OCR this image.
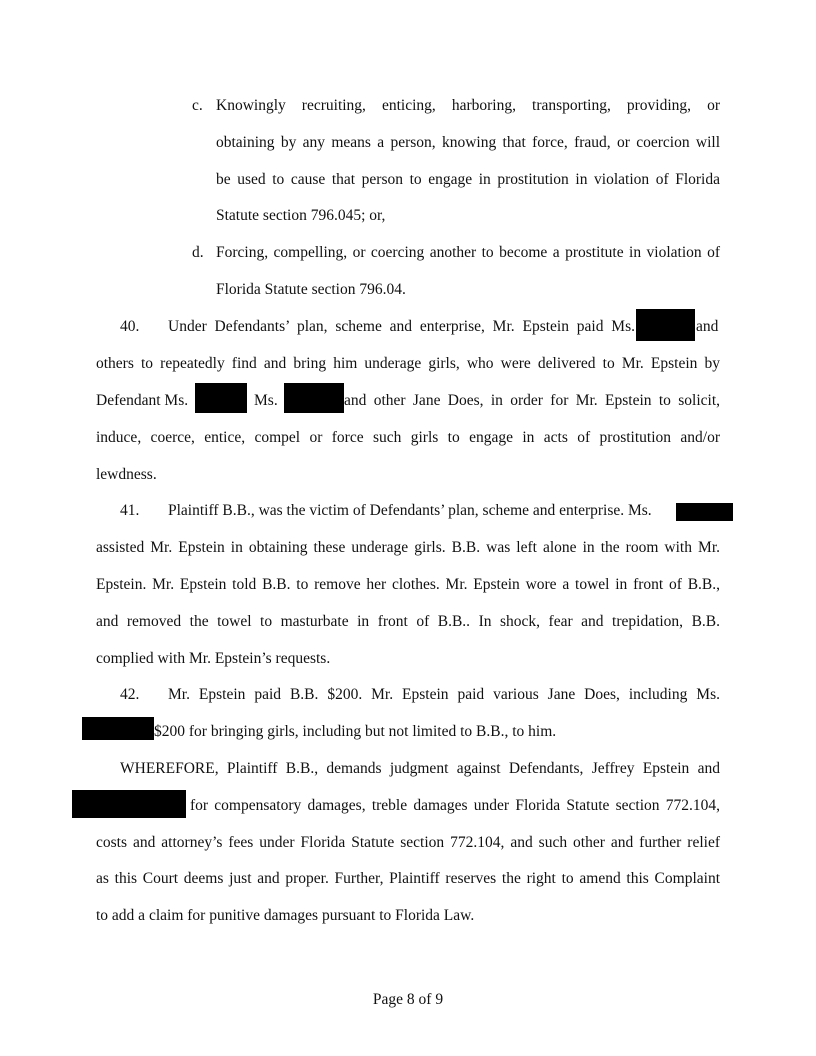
c. Knowingly recruiting, enticing, harboring, transporting, providing, or
obtaining by any means a person, knowing that force, fraud, or coercion will
be used to cause that person to engage in prostitution in violation of Florida
Statute section 796.045; or,
d. Forcing, compelling, or coercing another to become a prostitute in violation of
Florida Statute section 796.04.
40. Under Defendants’ plan, scheme and enterprise, Mr. Epstein paid Ms.	and
others to repeatedly find and bring him underage girls, who were delivered to Mr. Epstein by
Defendant Ms.	Ms.	and other Jane Does, in order for Mr. Epstein to solicit,
induce, coerce, entice, compel or force such girls to engage in acts of prostitution and/or
lewdness.
41. Plaintiff B.B., was the victim of Defendants’ plan, scheme and enterprise. Ms.
assisted Mr. Epstein in obtaining these underage girls. B.B. was left alone in the room with Mr.
Epstein. Mr. Epstein told B.B. to remove her clothes. Mr. Epstein wore a towel in front of B.B.,
and removed the towel to masturbate in front of B.B.. In shock, fear and trepidation, B.B.
complied with Mr. Epstein’s requests.
42. Mr. Epstein paid B.B. $200. Mr. Epstein paid various Jane Does, including Ms.
$200 for bringing girls, including but not limited to B.B., to him.
WHEREFORE, Plaintiff B.B., demands judgment against Defendants, Jeffrey Epstein and
for compensatory damages, treble damages under Florida Statute section 772.104,
costs and attorney’s fees under Florida Statute section 772.104, and such other and further relief
as this Court deems just and proper. Further, Plaintiff reserves the right to amend this Complaint
to add a claim for punitive damages pursuant to Florida Law.
Page 8 of 9
